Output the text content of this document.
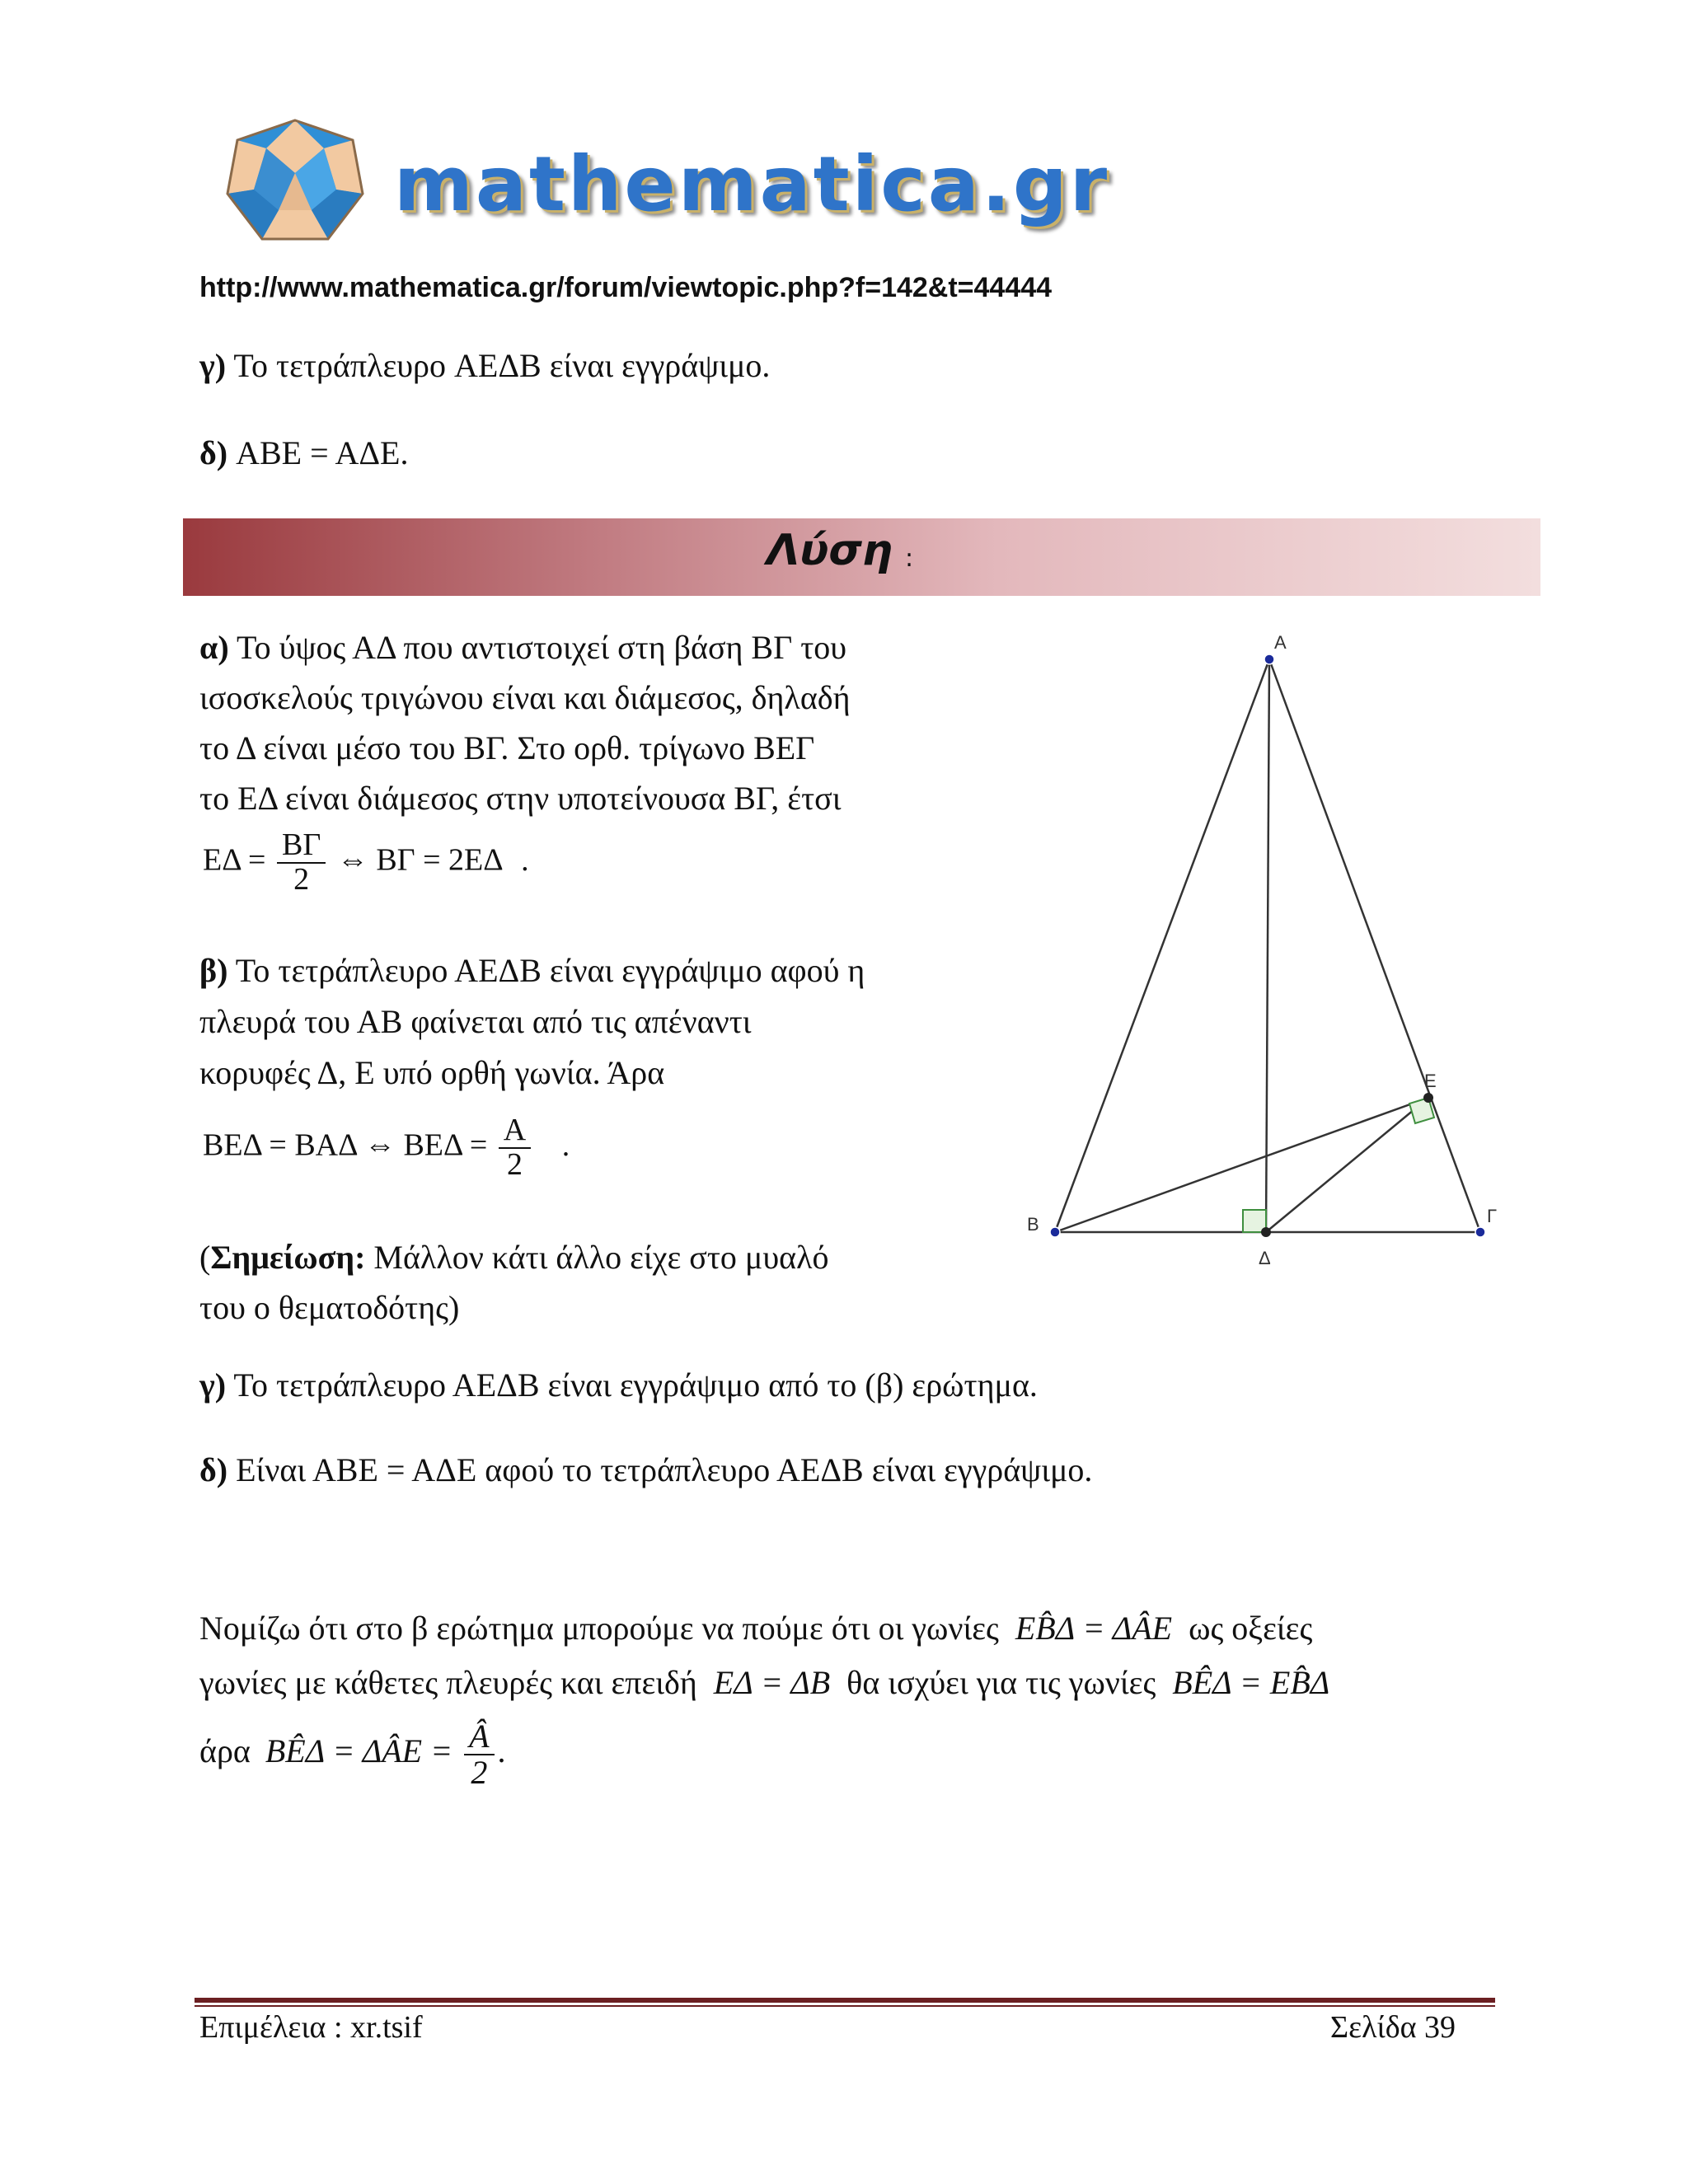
mathematica.gr
http://www.mathematica.gr/forum/viewtopic.php?f=142&t=44444
γ) Το τετράπλευρο ΑΕΔΒ είναι εγγράψιμο.
δ) ΑΒΕ = ΑΔΕ.
Λύση :
α) Το ύψος ΑΔ που αντιστοιχεί στη βάση ΒΓ του
ισοσκελούς τριγώνου είναι και διάμεσος, δηλαδή
το Δ είναι μέσο του ΒΓ. Στο ορθ. τρίγωνο ΒΕΓ
το ΕΔ είναι διάμεσος στην υποτείνουσα ΒΓ, έτσι
$E\Delta = \frac{B\Gamma}{2}$ ⇔ ΒΓ = 2ΕΔ .
β) Το τετράπλευρο ΑΕΔΒ είναι εγγράψιμο αφού η
πλευρά του ΑΒ φαίνεται από τις απέναντι
κορυφές Δ, Ε υπό ορθή γωνία. Άρα
ΒΕΔ = ΒΑΔ ⇔ $BE\Delta = \frac{A}{2}$ .
(Σημείωση: Μάλλον κάτι άλλο είχε στο μυαλό
του ο θεματοδότης)
γ) Το τετράπλευρο ΑΕΔΒ είναι εγγράψιμο από το (β) ερώτημα.
δ) Είναι ΑΒΕ = ΑΔΕ αφού το τετράπλευρο ΑΕΔΒ είναι εγγράψιμο.
Νομίζω ότι στο β ερώτημα μπορούμε να πούμε ότι οι γωνίες EB̂Δ = ΔÂE ως οξείες
γωνίες με κάθετες πλευρές και επειδή ΕΔ = ΔB θα ισχύει για τις γωνίες BÊΔ = EB̂Δ
άρα BÊΔ = ΔÂE = $\frac{Â}{2}$ .
A
E
B	Γ
Δ
Επιμέλεια : xr.tsif	Σελίδα 39
